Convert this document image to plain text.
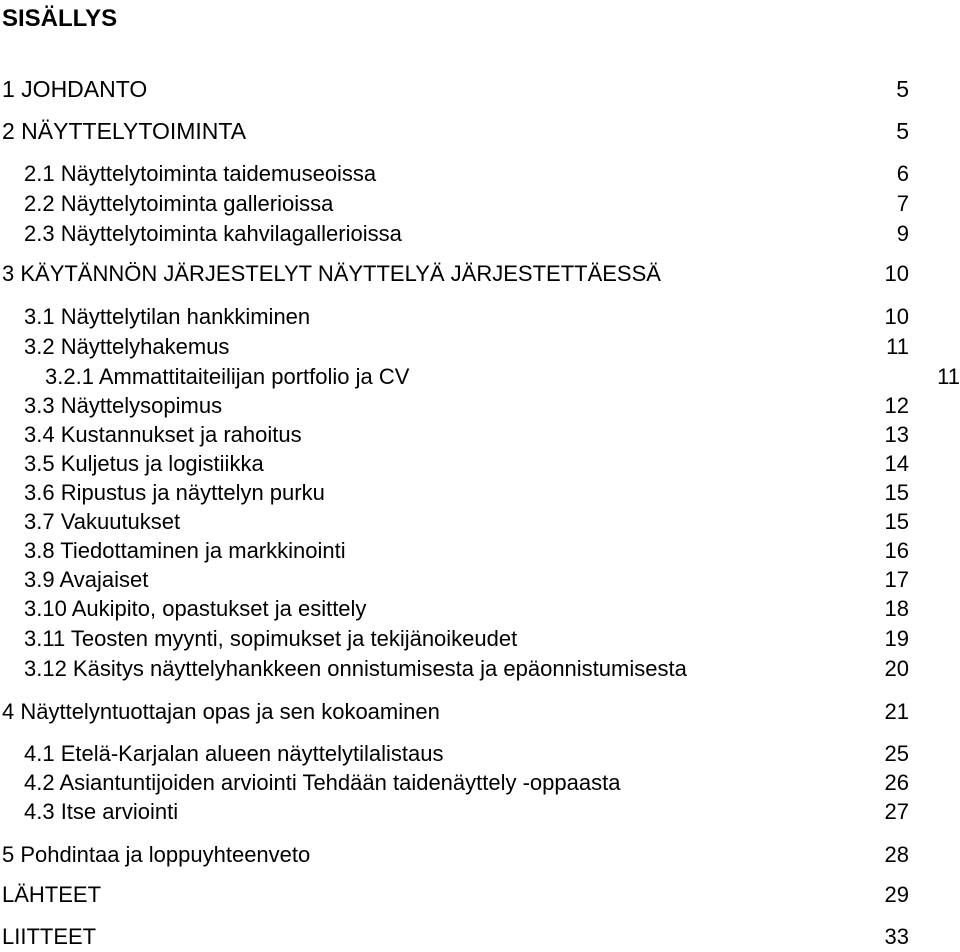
SISÄLLYS
1 JOHDANTO	5
2 NÄYTTELYTOIMINTA	5
2.1 Näyttelytoiminta taidemuseoissa	6
2.2 Näyttelytoiminta gallerioissa	7
2.3 Näyttelytoiminta kahvilagallerioissa	9
3 KÄYTÄNNÖN JÄRJESTELYT NÄYTTELYÄ JÄRJESTETTÄESSÄ	10
3.1 Näyttelytilan hankkiminen	10
3.2 Näyttelyhakemus	11
3.2.1 Ammattitaiteilijan portfolio ja CV	11
3.3 Näyttelysopimus	12
3.4 Kustannukset ja rahoitus	13
3.5 Kuljetus ja logistiikka	14
3.6 Ripustus ja näyttelyn purku	15
3.7 Vakuutukset	15
3.8 Tiedottaminen ja markkinointi	16
3.9 Avajaiset	17
3.10 Aukipito, opastukset ja esittely	18
3.11 Teosten myynti, sopimukset ja tekijänoikeudet	19
3.12 Käsitys näyttelyhankkeen onnistumisesta ja epäonnistumisesta	20
4 Näyttelyntuottajan opas ja sen kokoaminen	21
4.1 Etelä-Karjalan alueen näyttelytilalistaus	25
4.2 Asiantuntijoiden arviointi Tehdään taidenäyttely -oppaasta	26
4.3 Itse arviointi	27
5 Pohdintaa ja loppuyhteenveto	28
LÄHTEET	29
LIITTEET	33
